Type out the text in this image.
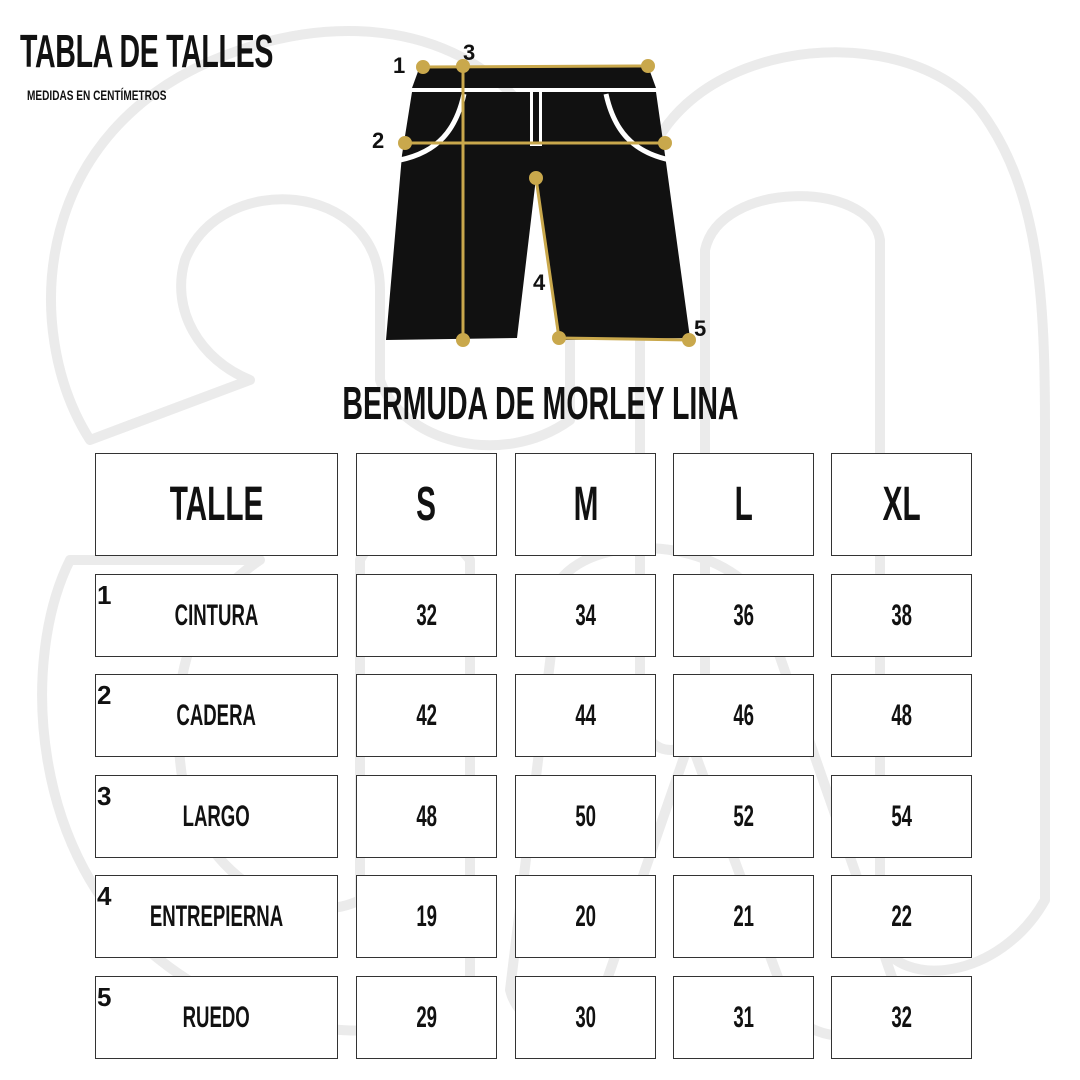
TABLA DE TALLES
MEDIDAS EN CENTÍMETROS
1
2
3
4
5
BERMUDA DE MORLEY LINA
TALLE	S	M	L	XL
1
CINTURA	32	34	36	38
2
CADERA	42	44	46	48
3
LARGO	48	50	52	54
4
ENTREPIERNA	19	20	21	22
5
RUEDO	29	30	31	32
